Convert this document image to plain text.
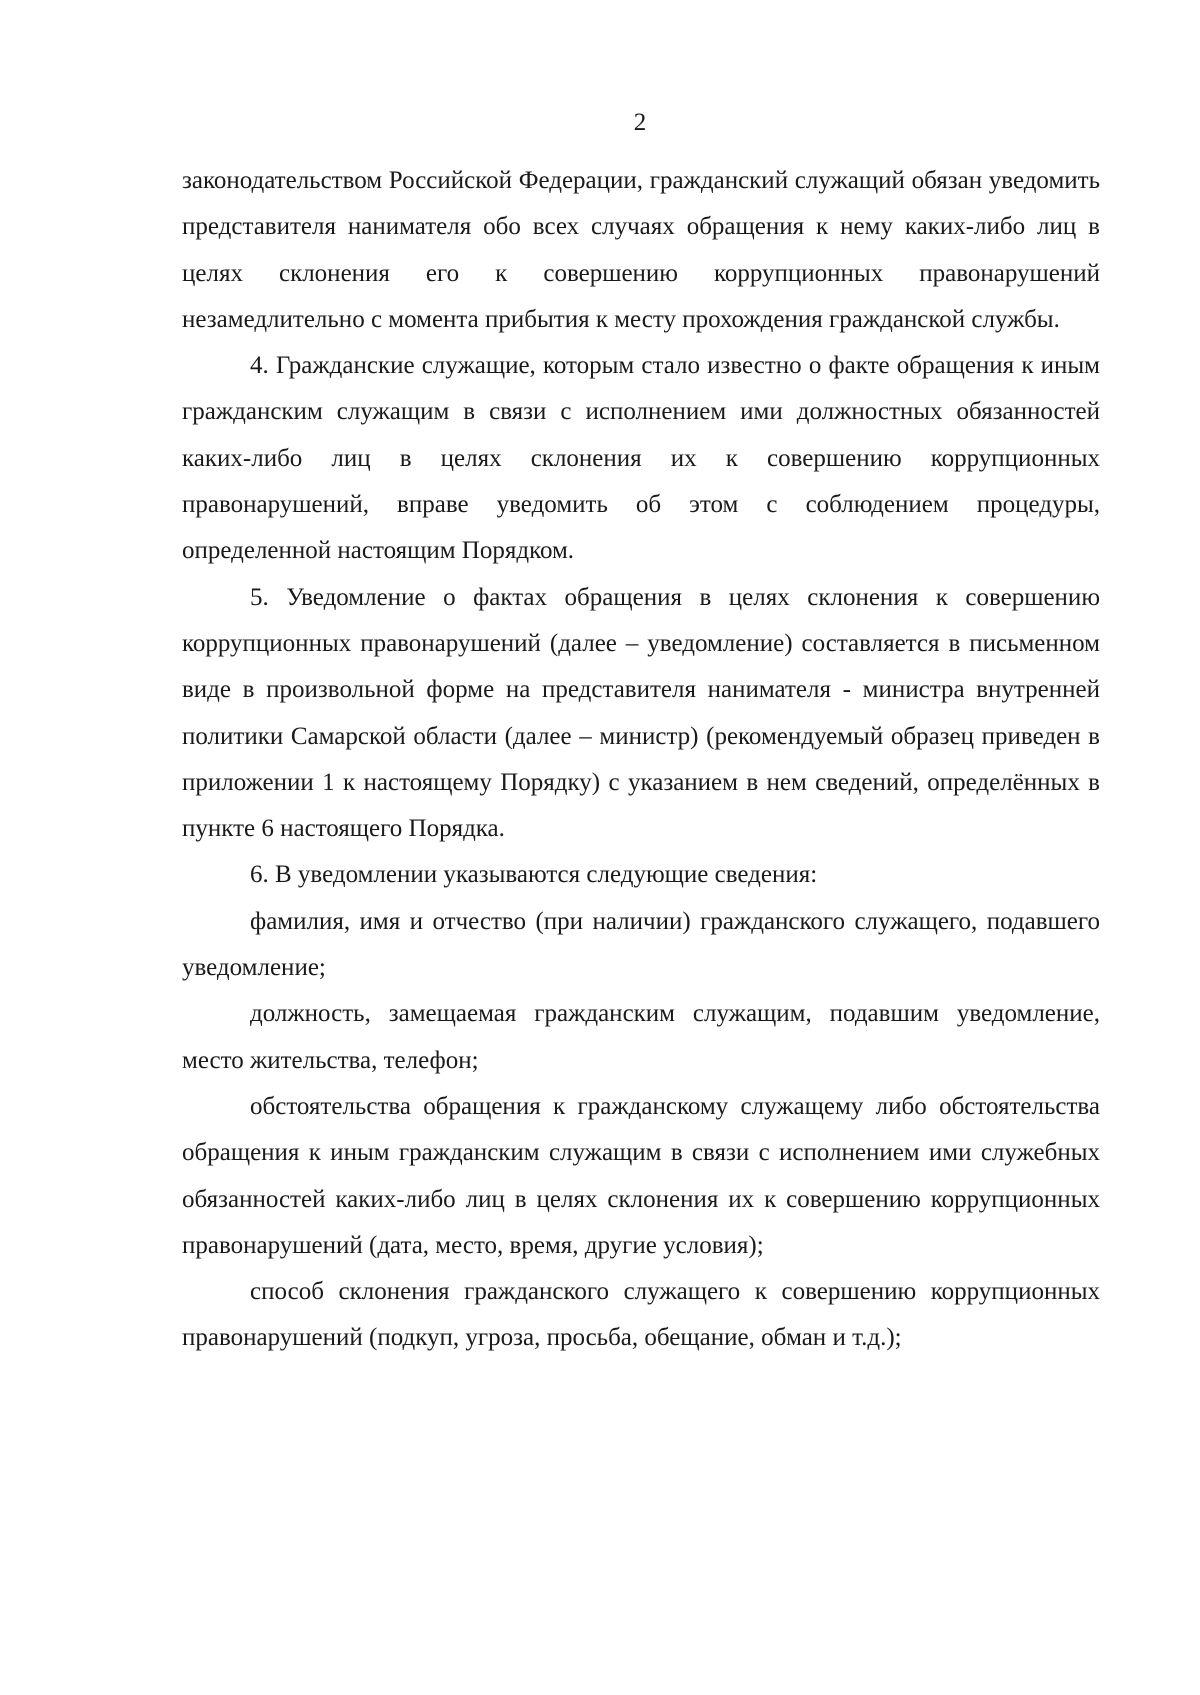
2

законодательством Российской Федерации, гражданский служащий обязан уведомить представителя нанимателя обо всех случаях обращения к нему каких-либо лиц в целях склонения его к совершению коррупционных правонарушений незамедлительно с момента прибытия к месту прохождения гражданской службы.

4. Гражданские служащие, которым стало известно о факте обращения к иным гражданским служащим в связи с исполнением ими должностных обязанностей каких-либо лиц в целях склонения их к совершению коррупционных правонарушений, вправе уведомить об этом с соблюдением процедуры, определенной настоящим Порядком.

5. Уведомление о фактах обращения в целях склонения к совершению коррупционных правонарушений (далее – уведомление) составляется в письменном виде в произвольной форме на представителя нанимателя - министра внутренней политики Самарской области (далее – министр) (рекомендуемый образец приведен в приложении 1 к настоящему Порядку) с указанием в нем сведений, определённых в пункте 6 настоящего Порядка.

6. В уведомлении указываются следующие сведения:

фамилия, имя и отчество (при наличии) гражданского служащего, подавшего уведомление;

должность, замещаемая гражданским служащим, подавшим уведомление, место жительства, телефон;

обстоятельства обращения к гражданскому служащему либо обстоятельства обращения к иным гражданским служащим в связи с исполнением ими служебных обязанностей каких-либо лиц в целях склонения их к совершению коррупционных правонарушений (дата, место, время, другие условия);

способ склонения гражданского служащего к совершению коррупционных правонарушений (подкуп, угроза, просьба, обещание, обман и т.д.);
